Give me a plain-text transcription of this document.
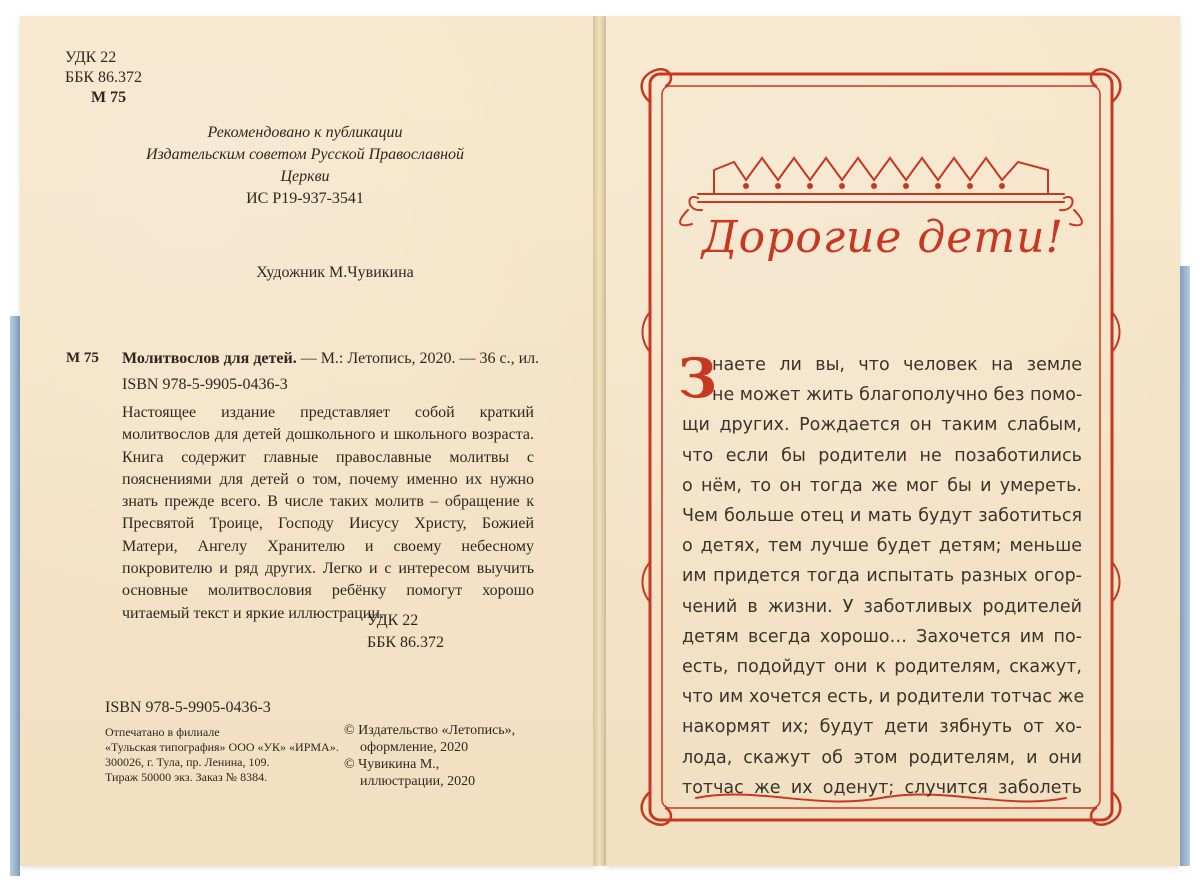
УДК 22
ББК 86.372
М 75
Рекомендовано к публикации
Издательским советом Русской Православной Церкви
ИС Р19-937-3541
Художник М.Чувикина
М 75 Молитвослов для детей. — М.: Летопись, 2020. — 36 с., ил.
ISBN 978-5-9905-0436-3

Настоящее издание представляет собой краткий молитвослов для детей дошкольного и школьного возраста. Книга содержит главные православные молитвы с пояснениями для детей о том, почему именно их нужно знать прежде всего. В числе таких молитв – обращение к Пресвятой Троице, Господу Иисусу Христу, Божией Матери, Ангелу Хранителю и своему небесному покровителю и ряд других. Легко и с интересом выучить основные молитвословия ребёнку помогут хорошо читаемый текст и яркие иллюстрации.

УДК 22
ББК 86.372
ISBN 978-5-9905-0436-3
Отпечатано в филиале
«Тульская типография» ООО «УК» «ИРМА».
300026, г. Тула, пр. Ленина, 109.
Тираж 50000 экз. Заказ № 8384.
© Издательство «Летопись»,
оформление, 2020
© Чувикина М.,
иллюстрации, 2020
Дорогие дети!
З
наете ли вы, что человек на земле
не может жить благополучно без помо-
щи других. Рождается он таким слабым,
что если бы родители не позаботились
о нём, то он тогда же мог бы и умереть.
Чем больше отец и мать будут заботиться
о детях, тем лучше будет детям; меньше
им придется тогда испытать разных огор-
чений в жизни. У заботливых родителей
детям всегда хорошо… Захочется им по-
есть, подойдут они к родителям, скажут,
что им хочется есть, и родители тотчас же
накормят их; будут дети зябнуть от хо-
лода, скажут об этом родителям, и они
тотчас же их оденут; случится заболеть
